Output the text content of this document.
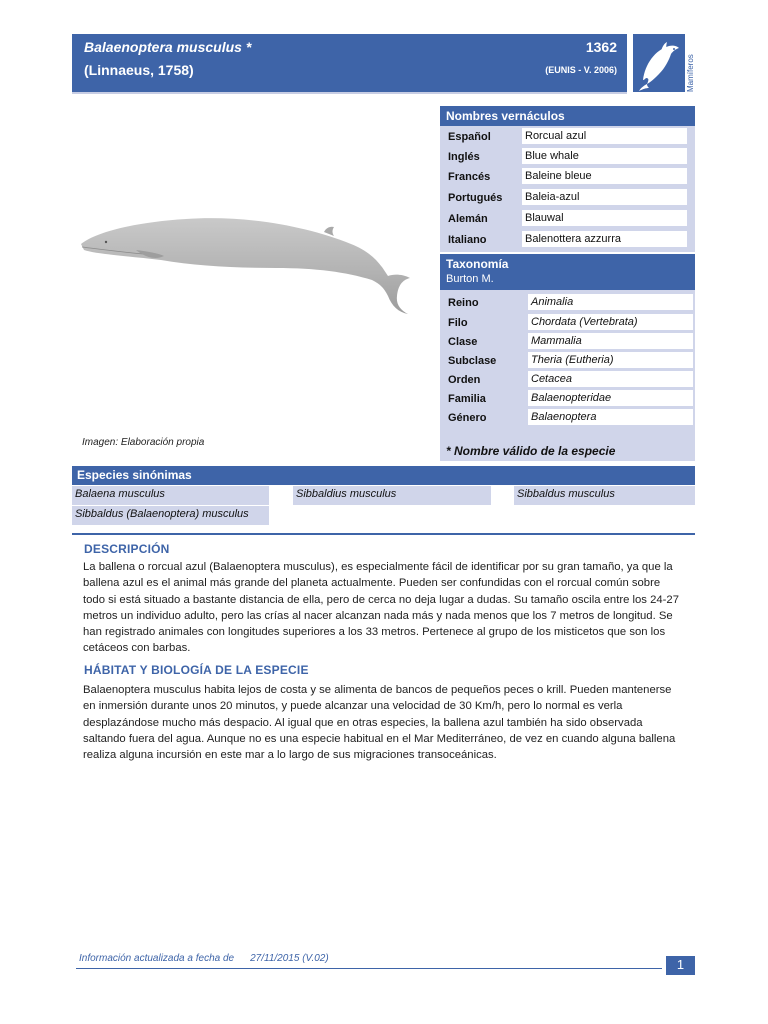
Balaenoptera musculus *
(Linnaeus, 1758)
1362
(EUNIS - V. 2006)	Mamíferos
Imagen: Elaboración propia
Nombres vernáculos
Español	Rorcual azul
Inglés	Blue whale
Francés	Baleine bleue
Portugués Baleia-azul
Alemán	Blauwal
Italiano	Balenottera azzurra
Taxonomía
Burton M.
Reino	Animalia
Filo	Chordata (Vertebrata)
Clase	Mammalia
Subclase	Theria (Eutheria)
Orden	Cetacea
Familia	Balaenopteridae
Género	Balaenoptera
* Nombre válido de la especie
Especies sinónimas
Balaena musculus	Sibbaldius musculus	Sibbaldus musculus
Sibbaldus (Balaenoptera) musculus
DESCRIPCIÓN
La ballena o rorcual azul (Balaenoptera musculus), es especialmente fácil de identificar por su gran tamaño, ya que la ballena azul es el animal más grande del planeta actualmente. Pueden ser confundidas con el rorcual común sobre todo si está situado a bastante distancia de ella, pero de cerca no deja lugar a dudas. Su tamaño oscila entre los 24-27 metros un individuo adulto, pero las crías al nacer alcanzan nada más y nada menos que los 7 metros de longitud. Se han registrado animales con longitudes superiores a los 33 metros. Pertenece al grupo de los misticetos que son los cetáceos con barbas.
HÁBITAT Y BIOLOGÍA DE LA ESPECIE
Balaenoptera musculus habita lejos de costa y se alimenta de bancos de pequeños peces o krill. Pueden mantenerse en inmersión durante unos 20 minutos, y puede alcanzar una velocidad de 30 Km/h, pero lo normal es verla desplazándose mucho más despacio. Al igual que en otras especies, la ballena azul también ha sido observada saltando fuera del agua. Aunque no es una especie habitual en el Mar Mediterráneo, de vez en cuando alguna ballena realiza alguna incursión en este mar a lo largo de sus migraciones transoceánicas.
Información actualizada a fecha de 27/11/2015 (V.02)	1
